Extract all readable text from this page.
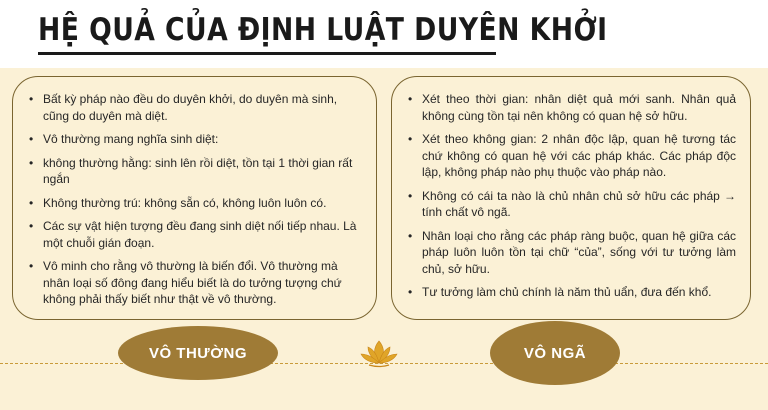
HỆ QUẢ CỦA ĐỊNH LUẬT DUYÊN KHỞI
• Bất kỳ pháp nào đều do duyên khởi, do duyên mà sinh, cũng do duyên mà diệt.
• Vô thường mang nghĩa sinh diệt:
• không thường hằng: sinh lên rồi diệt, tồn tại 1 thời gian rất ngắn
• Không thường trú: không sẵn có, không luôn luôn có.
• Các sự vật hiện tượng đều đang sinh diệt nối tiếp nhau. Là một chuỗi gián đoạn.
• Vô minh cho rằng vô thường là biến đổi. Vô thường mà nhân loại số đông đang hiểu biết là do tưởng tượng chứ không phải thấy biết như thật về vô thường.
• Xét theo thời gian: nhân diệt quả mới sanh. Nhân quả không cùng tồn tại nên không có quan hệ sở hữu.
• Xét theo không gian: 2 nhân độc lập, quan hệ tương tác chứ không có quan hệ với các pháp khác. Các pháp độc lập, không pháp nào phụ thuộc vào pháp nào.
• Không có cái ta nào là chủ nhân chủ sở hữu các pháp → tính chất vô ngã.
• Nhân loại cho rằng các pháp ràng buộc, quan hệ giữa các pháp luôn luôn tồn tại chữ “của”, sống với tư tưởng làm chủ, sở hữu.
• Tư tưởng làm chủ chính là năm thủ uẩn, đưa đến khổ.
VÔ THƯỜNG	VÔ NGÃ
